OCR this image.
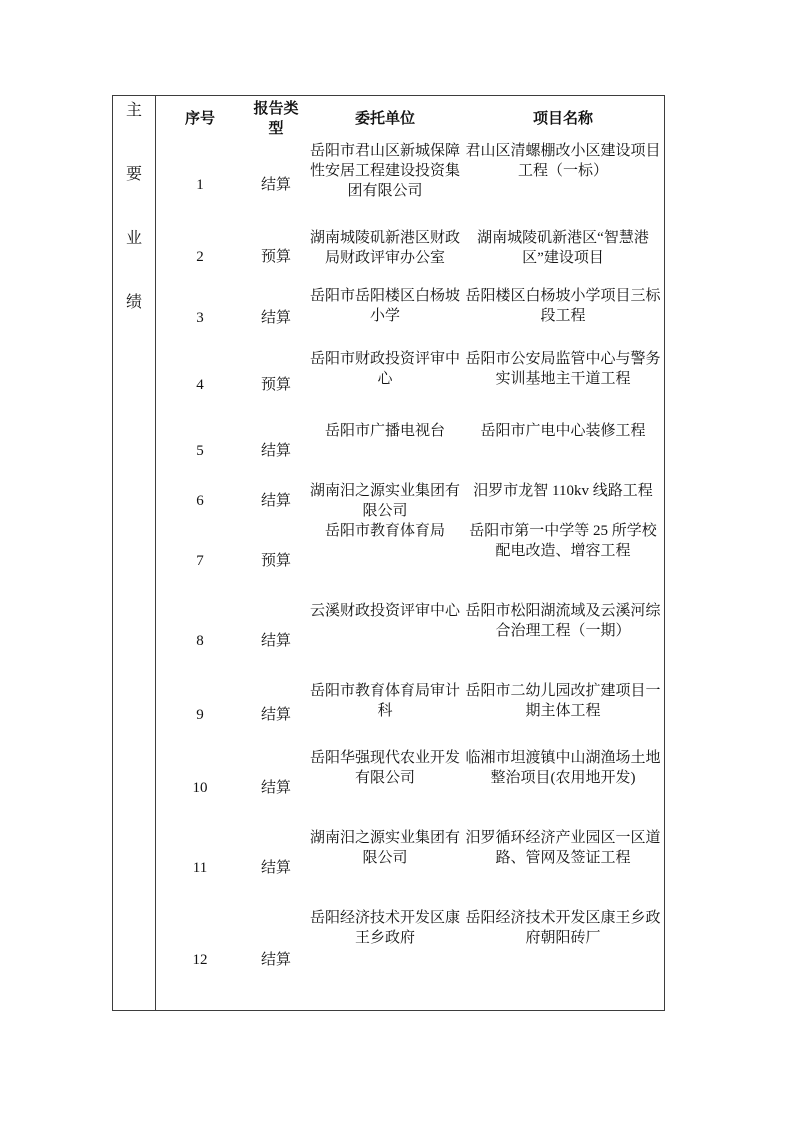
主
要
业
绩
序号	报告类型	委托单位	项目名称
1	结算	岳阳市君山区新城保障性安居工程建设投资集团有限公司	君山区清螺棚改小区建设项目工程（一标）
2	预算	湖南城陵矶新港区财政局财政评审办公室	湖南城陵矶新港区“智慧港区”建设项目
3	结算	岳阳市岳阳楼区白杨坡小学	岳阳楼区白杨坡小学项目三标段工程
4	预算	岳阳市财政投资评审中心	岳阳市公安局监管中心与警务实训基地主干道工程
5	结算	岳阳市广播电视台	岳阳市广电中心装修工程
6	结算	湖南汨之源实业集团有限公司	汨罗市龙智 110kv 线路工程
7	预算	岳阳市教育体育局	岳阳市第一中学等 25 所学校配电改造、增容工程
8	结算	云溪财政投资评审中心	岳阳市松阳湖流域及云溪河综合治理工程（一期）
9	结算	岳阳市教育体育局审计科	岳阳市二幼儿园改扩建项目一期主体工程
10	结算	岳阳华强现代农业开发有限公司	临湘市坦渡镇中山湖渔场土地整治项目(农用地开发)
11	结算	湖南汨之源实业集团有限公司	汨罗循环经济产业园区一区道路、管网及签证工程
12	结算	岳阳经济技术开发区康王乡政府	岳阳经济技术开发区康王乡政府朝阳砖厂
